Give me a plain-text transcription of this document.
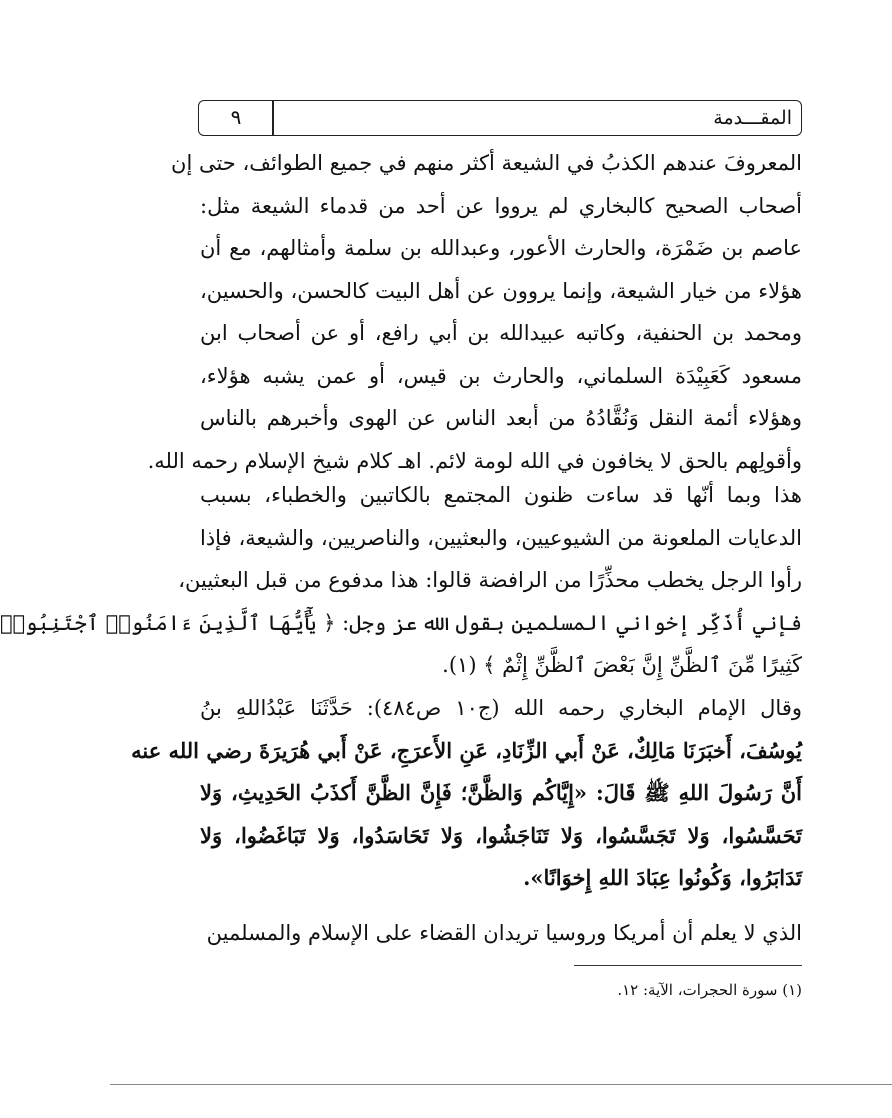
المقـــدمة
٩
المعروفَ عندهم الكذبُ في الشيعة أكثر منهم في جميع الطوائف، حتى إن
أصحاب الصحيح كالبخاري لم يرووا عن أحد من قدماء الشيعة مثل:
عاصم بن ضَمْرَة، والحارث الأعور، وعبدالله بن سلمة وأمثالهم، مع أن
هؤلاء من خيار الشيعة، وإنما يروون عن أهل البيت كالحسن، والحسين،
ومحمد بن الحنفية، وكاتبه عبيدالله بن أبي رافع، أو عن أصحاب ابن
مسعود كَعَبِيْدَة السلماني، والحارث بن قيس، أو عمن يشبه هؤلاء،
وهؤلاء أئمة النقل وَنُقَّادُهُ من أبعد الناس عن الهوى وأخبرهم بالناس
وأقولِهم بالحق لا يخافون في الله لومة لائم. اهـ كلام شيخ الإسلام رحمه الله.
هذا وبما أنّها قد ساءت ظنون المجتمع بالكاتبين والخطباء، بسبب
الدعايات الملعونة من الشيوعيين، والبعثيين، والناصريين، والشيعة، فإذا
رأوا الرجل يخطب محذِّرًا من الرافضة قالوا: هذا مدفوع من قبل البعثيين،
فإني أُذَكِّر إخواني المسلمين بقول الله عز وجل: ﴿ يَٰٓأَيُّهَا ٱلَّذِينَ ءَامَنُوا۟ ٱجْتَنِبُوا۟
كَثِيرًا مِّنَ ٱلظَّنِّ إِنَّ بَعْضَ ٱلظَّنِّ إِثْمٌ ﴾ (١).
وقال الإمام البخاري رحمه الله (ج١٠ ص٤٨٤): حَدَّثَنَا عَبْدُاللهِ بنُ
يُوسُفَ، أَخبَرَنَا مَالِكٌ، عَنْ أَبي الزِّنَادِ، عَنِ الأَعرَجِ، عَنْ أَبي هُرَيرَةَ رضي الله عنه
أَنَّ رَسُولَ اللهِ ﷺ قَالَ: «إِيَّاكُم وَالظَّنَّ؛ فَإِنَّ الظَّنَّ أَكذَبُ الحَدِيثِ، وَلا
تَحَسَّسُوا، وَلا تَجَسَّسُوا، وَلا تَنَاجَشُوا، وَلا تَحَاسَدُوا، وَلا تَبَاغَضُوا، وَلا
تَدَابَرُوا، وَكُونُوا عِبَادَ اللهِ إِخوَانًا».
الذي لا يعلم أن أمريكا وروسيا تريدان القضاء على الإسلام والمسلمين
(١) سورة الحجرات، الآية: ١٢.
